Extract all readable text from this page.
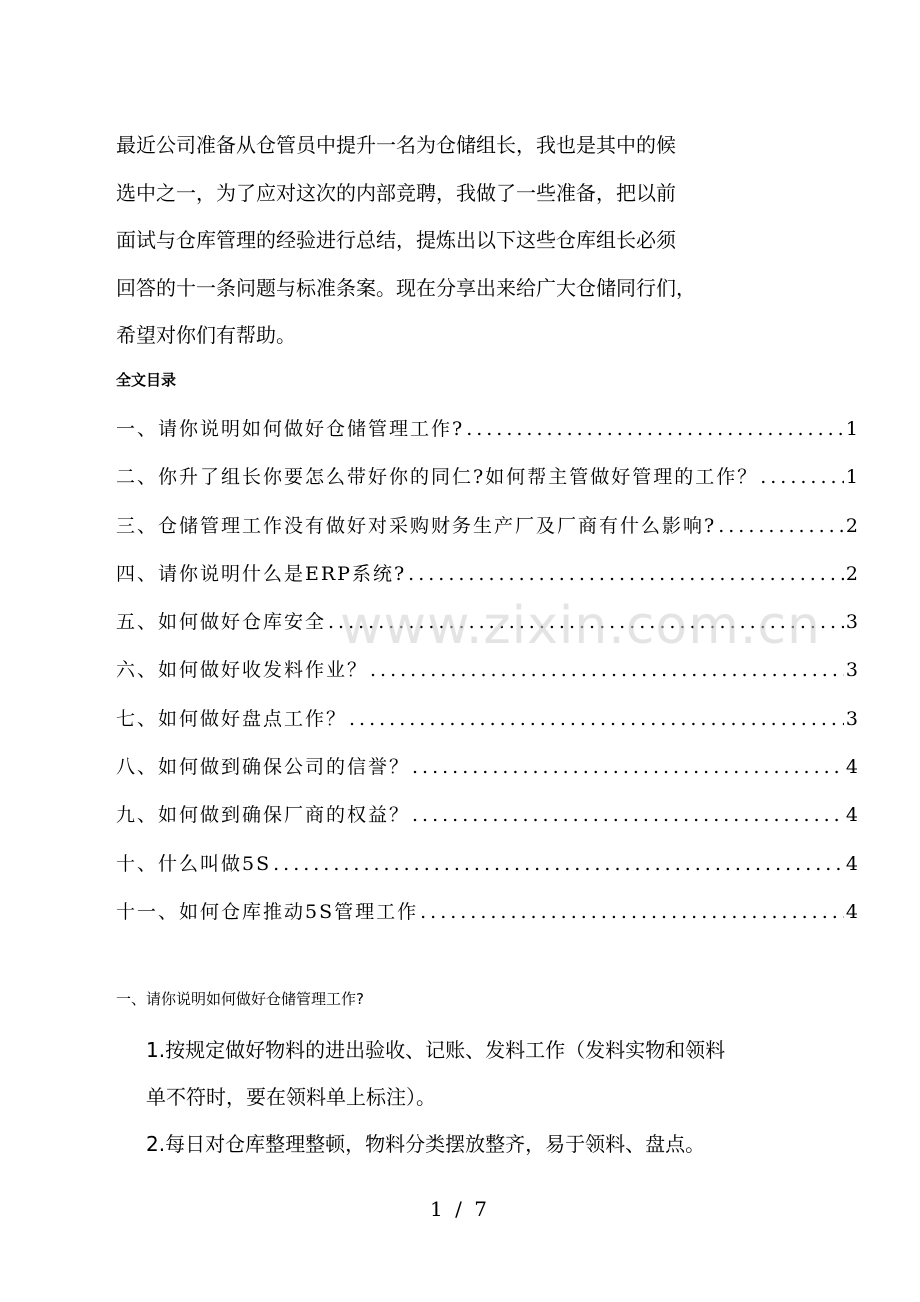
最近公司准备从仓管员中提升一名为仓储组长，我也是其中的候
选中之一，为了应对这次的内部竞聘，我做了一些准备，把以前
面试与仓库管理的经验进行总结，提炼出以下这些仓库组长必须
回答的十一条问题与标准条案。现在分享出来给广大仓储同行们，
希望对你们有帮助。
全文目录
一、请你说明如何做好仓储管理工作? .....	1
二、你升了组长你要怎么带好你的同仁?如何帮主管做好管理的工作？ .....	1
三、仓储管理工作没有做好对采购财务生产厂及厂商有什么影响? .....	2
四、请你说明什么是ERP系统? .....	2
五、如何做好仓库安全 .....	3
六、如何做好收发料作业？ .....	3
七、如何做好盘点工作？ .....	3
八、如何做到确保公司的信誉？ .....	4
九、如何做到确保厂商的权益？ .....	4
十、什么叫做5S .....	4
十一、如何仓库推动5S管理工作 .....	4
www.zixin.com.cn
一、请你说明如何做好仓储管理工作?
1.按规定做好物料的进出验收、记账、发料工作（发料实物和领料
单不符时，要在领料单上标注）。
2.每日对仓库整理整顿，物料分类摆放整齐，易于领料、盘点。
1 / 7
